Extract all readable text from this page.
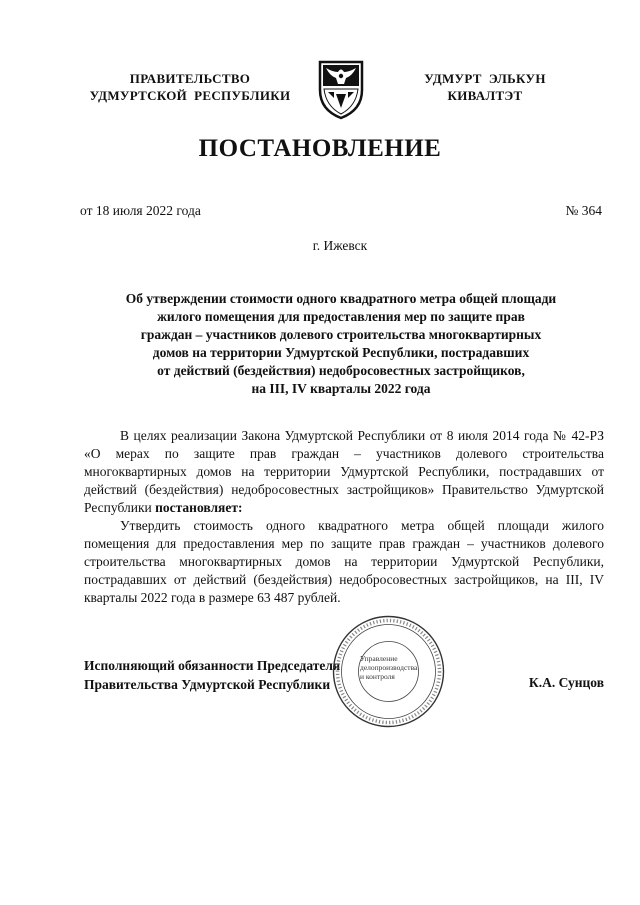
ПРАВИТЕЛЬСТВО
УДМУРТСКОЙ  РЕСПУБЛИКИ
УДМУРТ  ЭЛЬКУН
КИВАЛТЭТ
ПОСТАНОВЛЕНИЕ
от 18 июля 2022 года	№ 364
г. Ижевск
Об утверждении стоимости одного квадратного метра общей площади
жилого помещения для предоставления мер по защите прав
граждан – участников долевого строительства многоквартирных
домов на территории Удмуртской Республики, пострадавших
от действий (бездействия) недобросовестных застройщиков,
на III, IV кварталы 2022 года

В целях реализации Закона Удмуртской Республики от 8 июля 2014 года № 42-РЗ «О мерах по защите прав граждан – участников долевого строительства многоквартирных домов на территории Удмуртской Республики, пострадавших от действий (бездействия) недобросовестных застройщиков» Правительство Удмуртской Республики постановляет:

Утвердить стоимость одного квадратного метра общей площади жилого помещения для предоставления мер по защите прав граждан – участников долевого строительства многоквартирных домов на территории Удмуртской Республики, пострадавших от действий (бездействия) недобросовестных застройщиков, на III, IV кварталы 2022 года в размере 63 487 рублей.

Исполняющий обязанности Председателя
Правительства Удмуртской Республики	К.А. Сунцов
Управление
делопроизводства
и контроля
